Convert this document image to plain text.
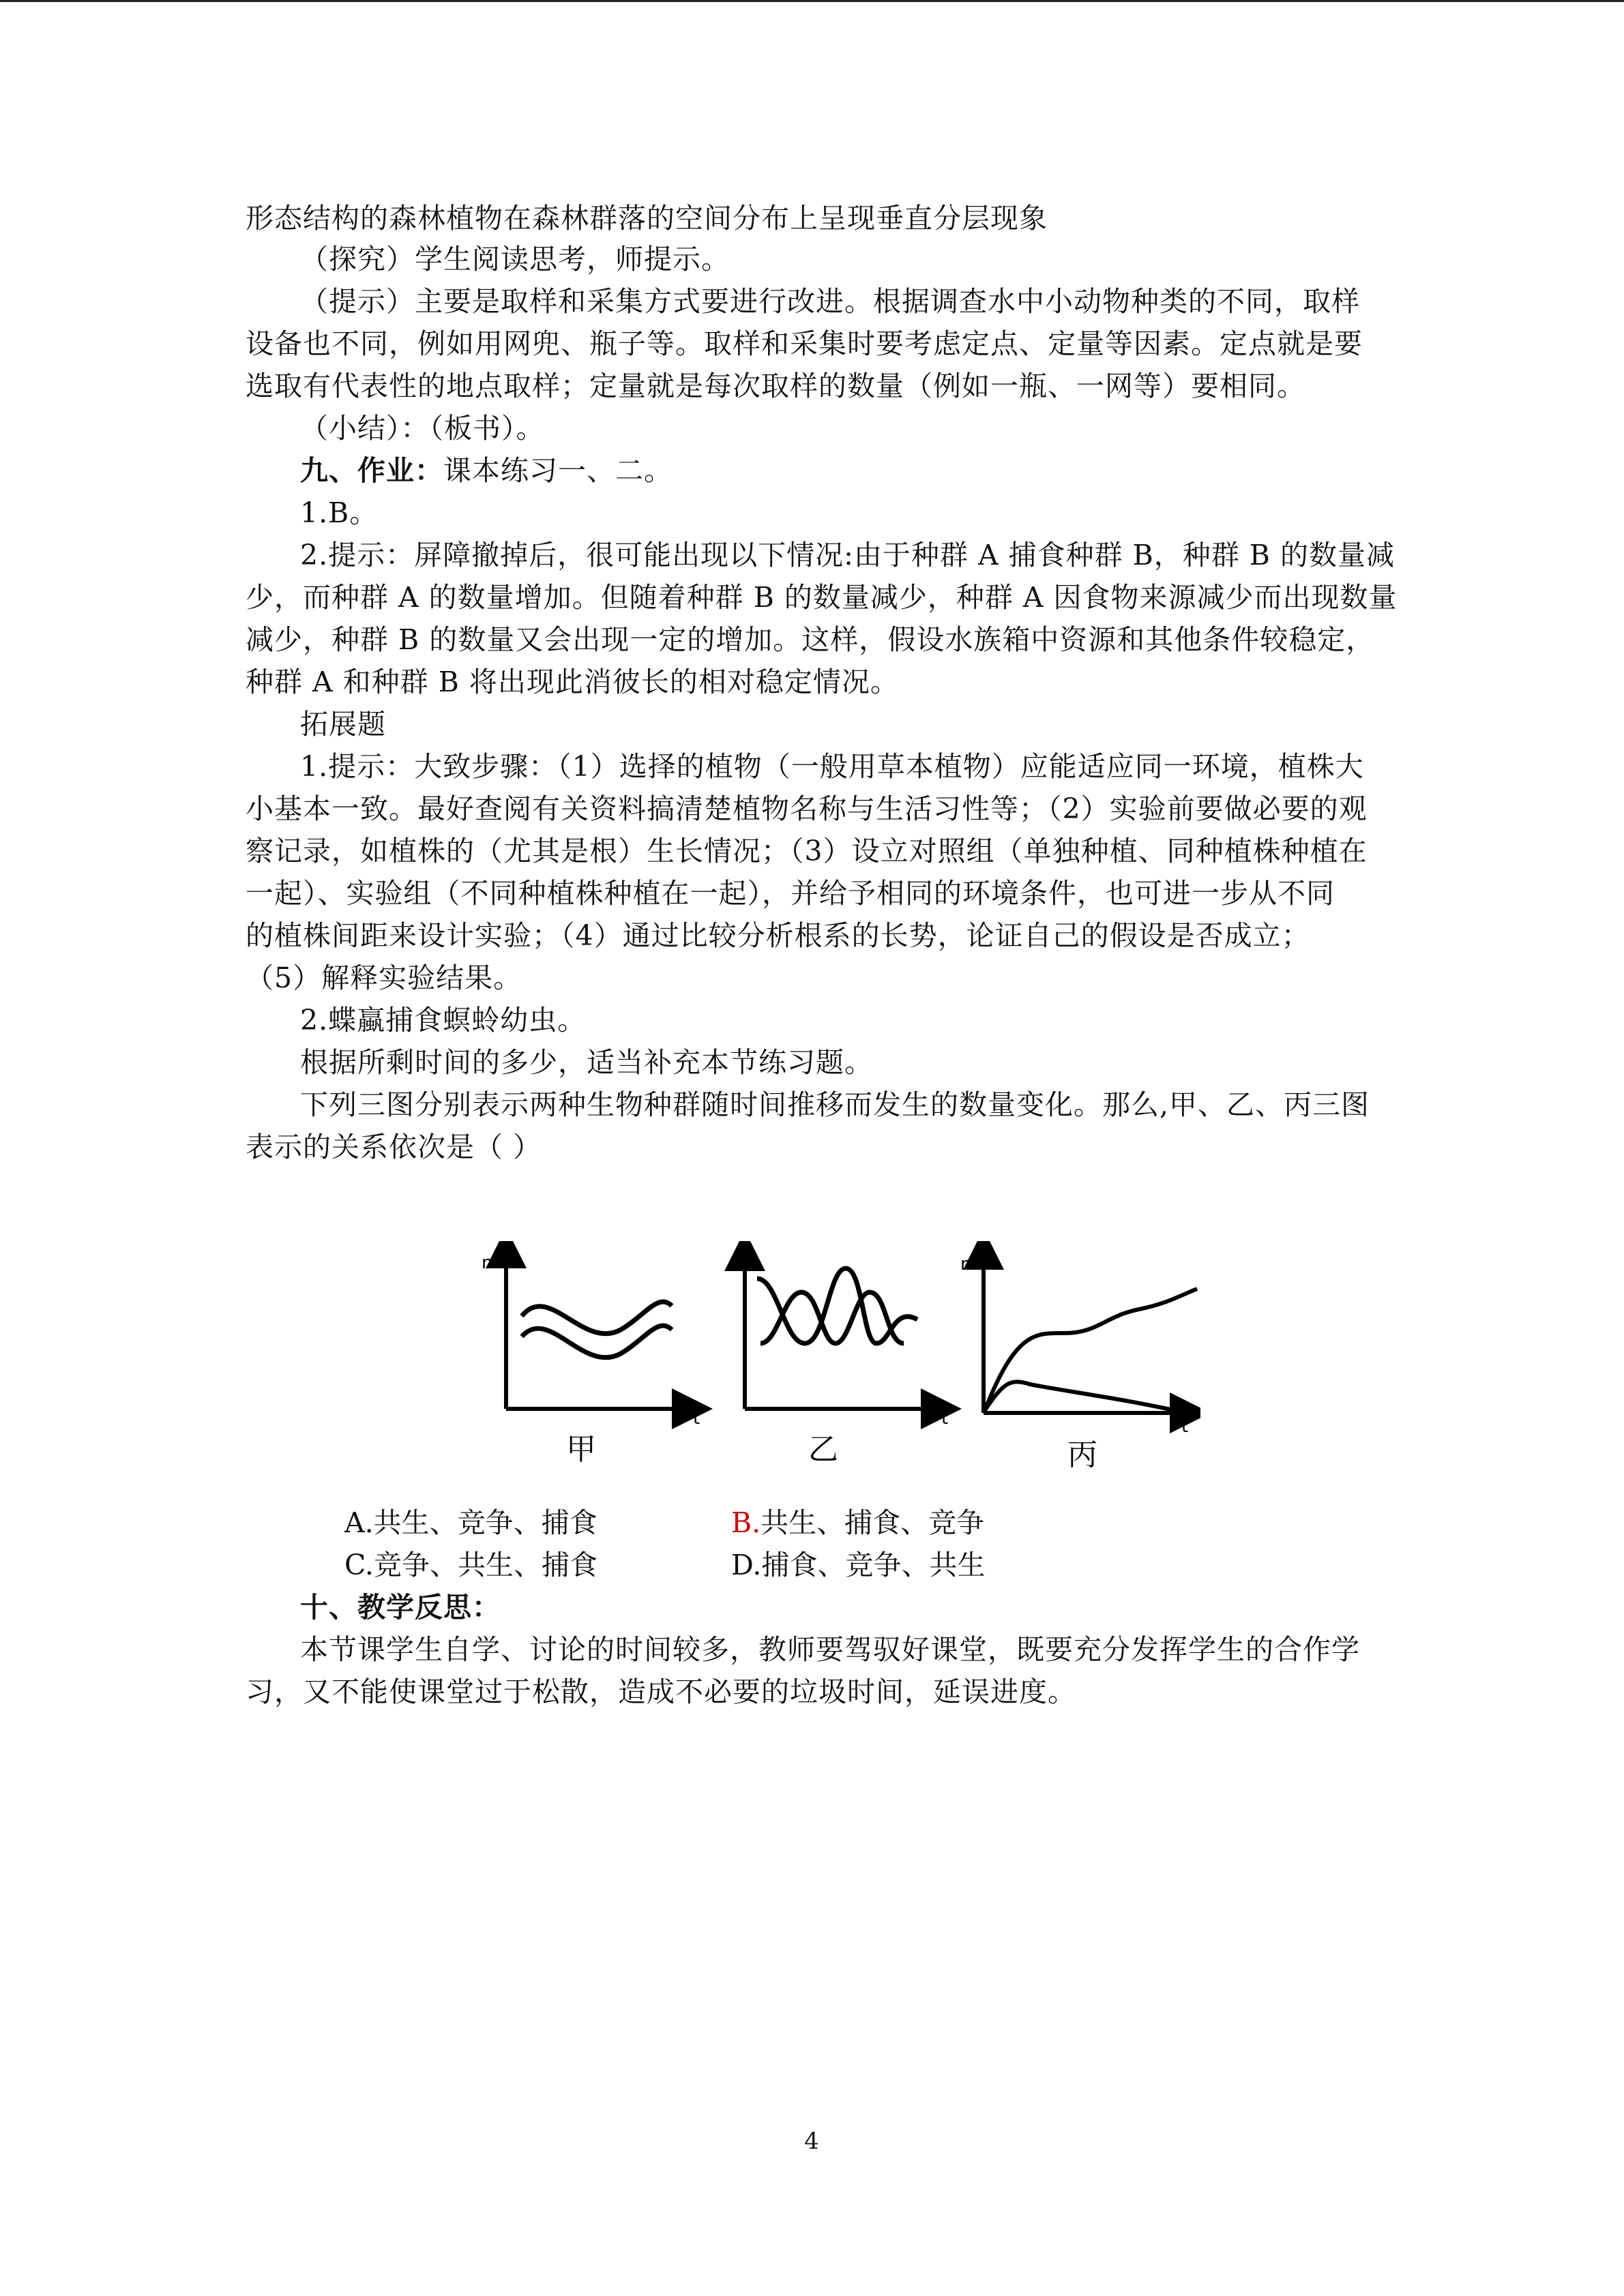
形态结构的森林植物在森林群落的空间分布上呈现垂直分层现象
（探究）学生阅读思考，师提示。
（提示）主要是取样和采集方式要进行改进。根据调查水中小动物种类的不同，取样
设备也不同，例如用网兜、瓶子等。取样和采集时要考虑定点、定量等因素。定点就是要
选取有代表性的地点取样；定量就是每次取样的数量（例如一瓶、一网等）要相同。
（小结）：（板书）。
九、作业：课本练习一、二。
1.B。
2.提示：屏障撤掉后，很可能出现以下情况:由于种群 A 捕食种群 B，种群 B 的数量减
少，而种群 A 的数量增加。但随着种群 B 的数量减少，种群 A 因食物来源减少而出现数量
减少，种群 B 的数量又会出现一定的增加。这样，假设水族箱中资源和其他条件较稳定，
种群 A 和种群 B 将出现此消彼长的相对稳定情况。
拓展题
1.提示：大致步骤：（1）选择的植物（一般用草本植物）应能适应同一环境，植株大
小基本一致。最好查阅有关资料搞清楚植物名称与生活习性等；（2）实验前要做必要的观
察记录，如植株的（尤其是根）生长情况；（3）设立对照组（单独种植、同种植株种植在
一起）、实验组（不同种植株种植在一起），并给予相同的环境条件，也可进一步从不同
的植株间距来设计实验；（4）通过比较分析根系的长势，论证自己的假设是否成立；
（5）解释实验结果。
2.蝶蠃捕食螟蛉幼虫。
根据所剩时间的多少，适当补充本节练习题。
下列三图分别表示两种生物种群随时间推移而发生的数量变化。那么,甲、乙、丙三图
表示的关系依次是（ ）
n
t
甲
t
乙
n
t
丙
A.共生、竞争、捕食	B.共生、捕食、竞争
C.竞争、共生、捕食	D.捕食、竞争、共生
十、教学反思：
本节课学生自学、讨论的时间较多，教师要驾驭好课堂，既要充分发挥学生的合作学
习，又不能使课堂过于松散，造成不必要的垃圾时间，延误进度。
4
